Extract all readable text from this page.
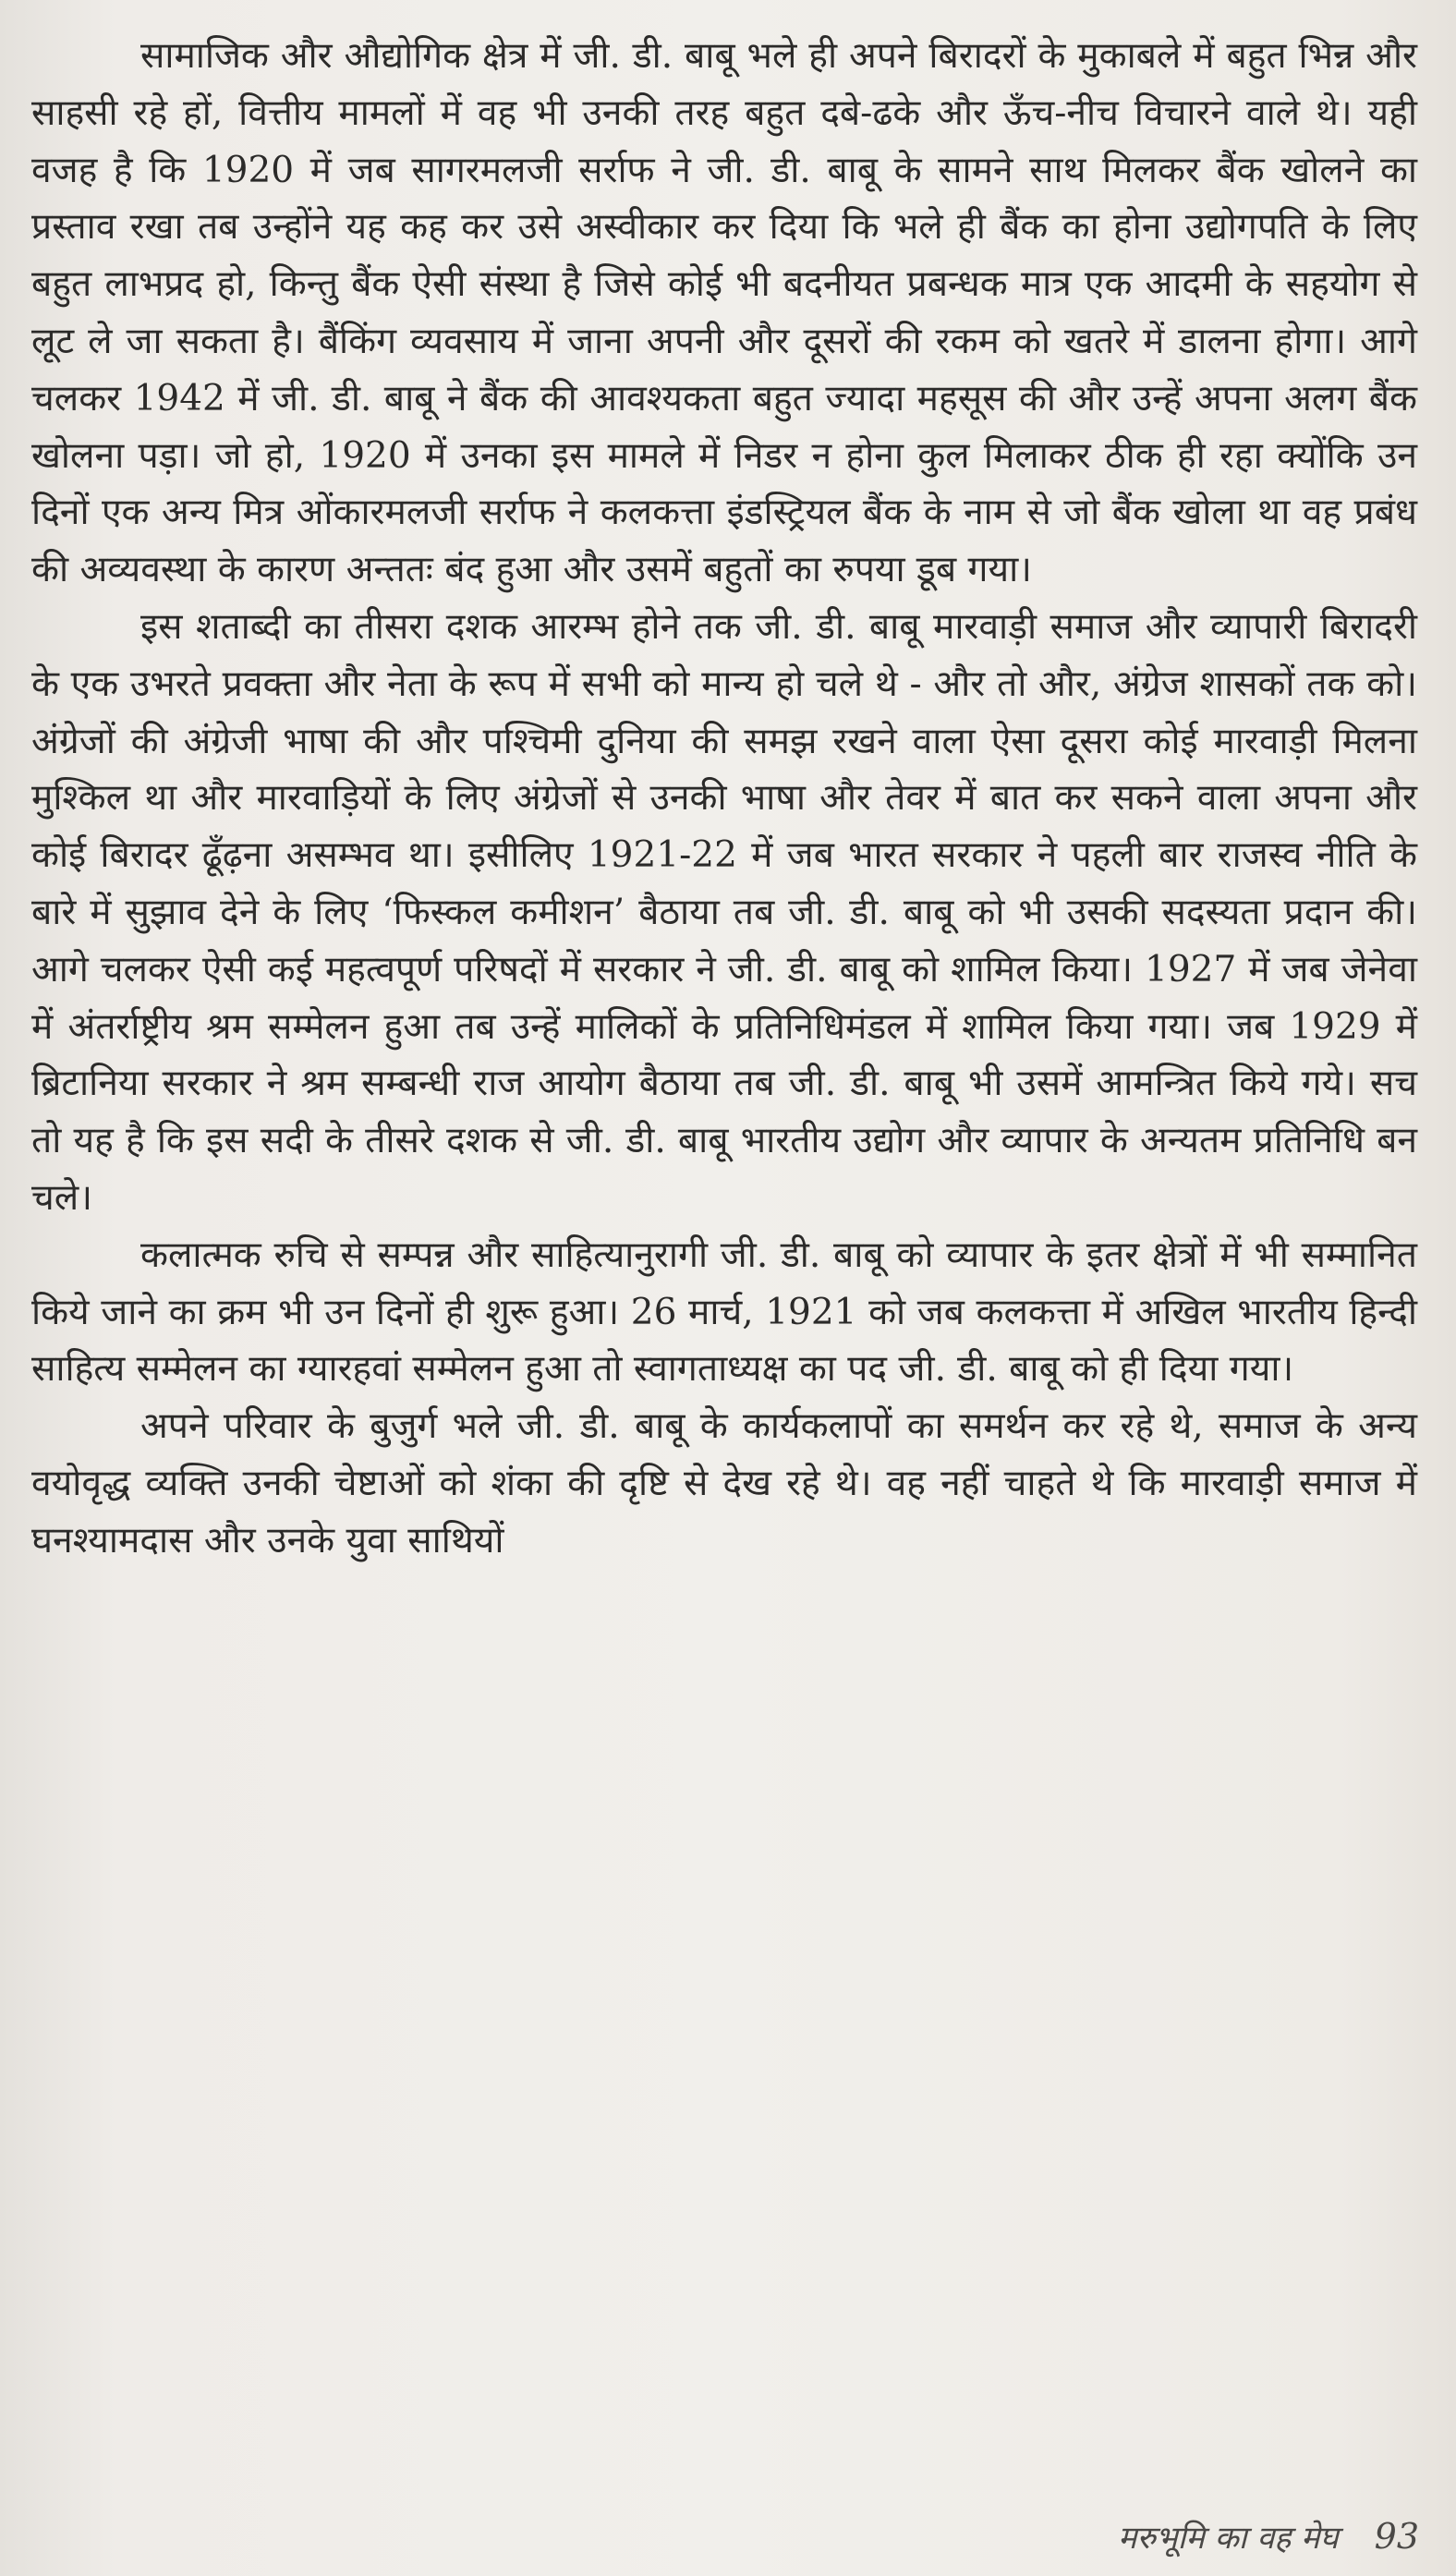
सामाजिक और औद्योगिक क्षेत्र में जी. डी. बाबू भले ही अपने बिरादरों के मुकाबले में बहुत भिन्न और साहसी रहे हों, वित्तीय मामलों में वह भी उनकी तरह बहुत दबे-ढके और ऊँच-नीच विचारने वाले थे। यही वजह है कि 1920 में जब सागरमलजी सर्राफ ने जी. डी. बाबू के सामने साथ मिलकर बैंक खोलने का प्रस्ताव रखा तब उन्होंने यह कह कर उसे अस्वीकार कर दिया कि भले ही बैंक का होना उद्योगपति के लिए बहुत लाभप्रद हो, किन्तु बैंक ऐसी संस्था है जिसे कोई भी बदनीयत प्रबन्धक मात्र एक आदमी के सहयोग से लूट ले जा सकता है। बैंकिंग व्यवसाय में जाना अपनी और दूसरों की रकम को खतरे में डालना होगा। आगे चलकर 1942 में जी. डी. बाबू ने बैंक की आवश्यकता बहुत ज्यादा महसूस की और उन्हें अपना अलग बैंक खोलना पड़ा। जो हो, 1920 में उनका इस मामले में निडर न होना कुल मिलाकर ठीक ही रहा क्योंकि उन दिनों एक अन्य मित्र ओंकारमलजी सर्राफ ने कलकत्ता इंडस्ट्रियल बैंक के नाम से जो बैंक खोला था वह प्रबंध की अव्यवस्था के कारण अन्ततः बंद हुआ और उसमें बहुतों का रुपया डूब गया।

इस शताब्दी का तीसरा दशक आरम्भ होने तक जी. डी. बाबू मारवाड़ी समाज और व्यापारी बिरादरी के एक उभरते प्रवक्ता और नेता के रूप में सभी को मान्य हो चले थे - और तो और, अंग्रेज शासकों तक को। अंग्रेजों की अंग्रेजी भाषा की और पश्चिमी दुनिया की समझ रखने वाला ऐसा दूसरा कोई मारवाड़ी मिलना मुश्किल था और मारवाड़ियों के लिए अंग्रेजों से उनकी भाषा और तेवर में बात कर सकने वाला अपना और कोई बिरादर ढूँढ़ना असम्भव था। इसीलिए 1921-22 में जब भारत सरकार ने पहली बार राजस्व नीति के बारे में सुझाव देने के लिए ‘फिस्कल कमीशन’ बैठाया तब जी. डी. बाबू को भी उसकी सदस्यता प्रदान की। आगे चलकर ऐसी कई महत्वपूर्ण परिषदों में सरकार ने जी. डी. बाबू को शामिल किया। 1927 में जब जेनेवा में अंतर्राष्ट्रीय श्रम सम्मेलन हुआ तब उन्हें मालिकों के प्रतिनिधिमंडल में शामिल किया गया। जब 1929 में ब्रिटानिया सरकार ने श्रम सम्बन्धी राज आयोग बैठाया तब जी. डी. बाबू भी उसमें आमन्त्रित किये गये। सच तो यह है कि इस सदी के तीसरे दशक से जी. डी. बाबू भारतीय उद्योग और व्यापार के अन्यतम प्रतिनिधि बन चले।

कलात्मक रुचि से सम्पन्न और साहित्यानुरागी जी. डी. बाबू को व्यापार के इतर क्षेत्रों में भी सम्मानित किये जाने का क्रम भी उन दिनों ही शुरू हुआ। 26 मार्च, 1921 को जब कलकत्ता में अखिल भारतीय हिन्दी साहित्य सम्मेलन का ग्यारहवां सम्मेलन हुआ तो स्वागताध्यक्ष का पद जी. डी. बाबू को ही दिया गया।

अपने परिवार के बुजुर्ग भले जी. डी. बाबू के कार्यकलापों का समर्थन कर रहे थे, समाज के अन्य वयोवृद्ध व्यक्ति उनकी चेष्टाओं को शंका की दृष्टि से देख रहे थे। वह नहीं चाहते थे कि मारवाड़ी समाज में घनश्यामदास और उनके युवा साथियों

मरुभूमि का वह मेघ 93
